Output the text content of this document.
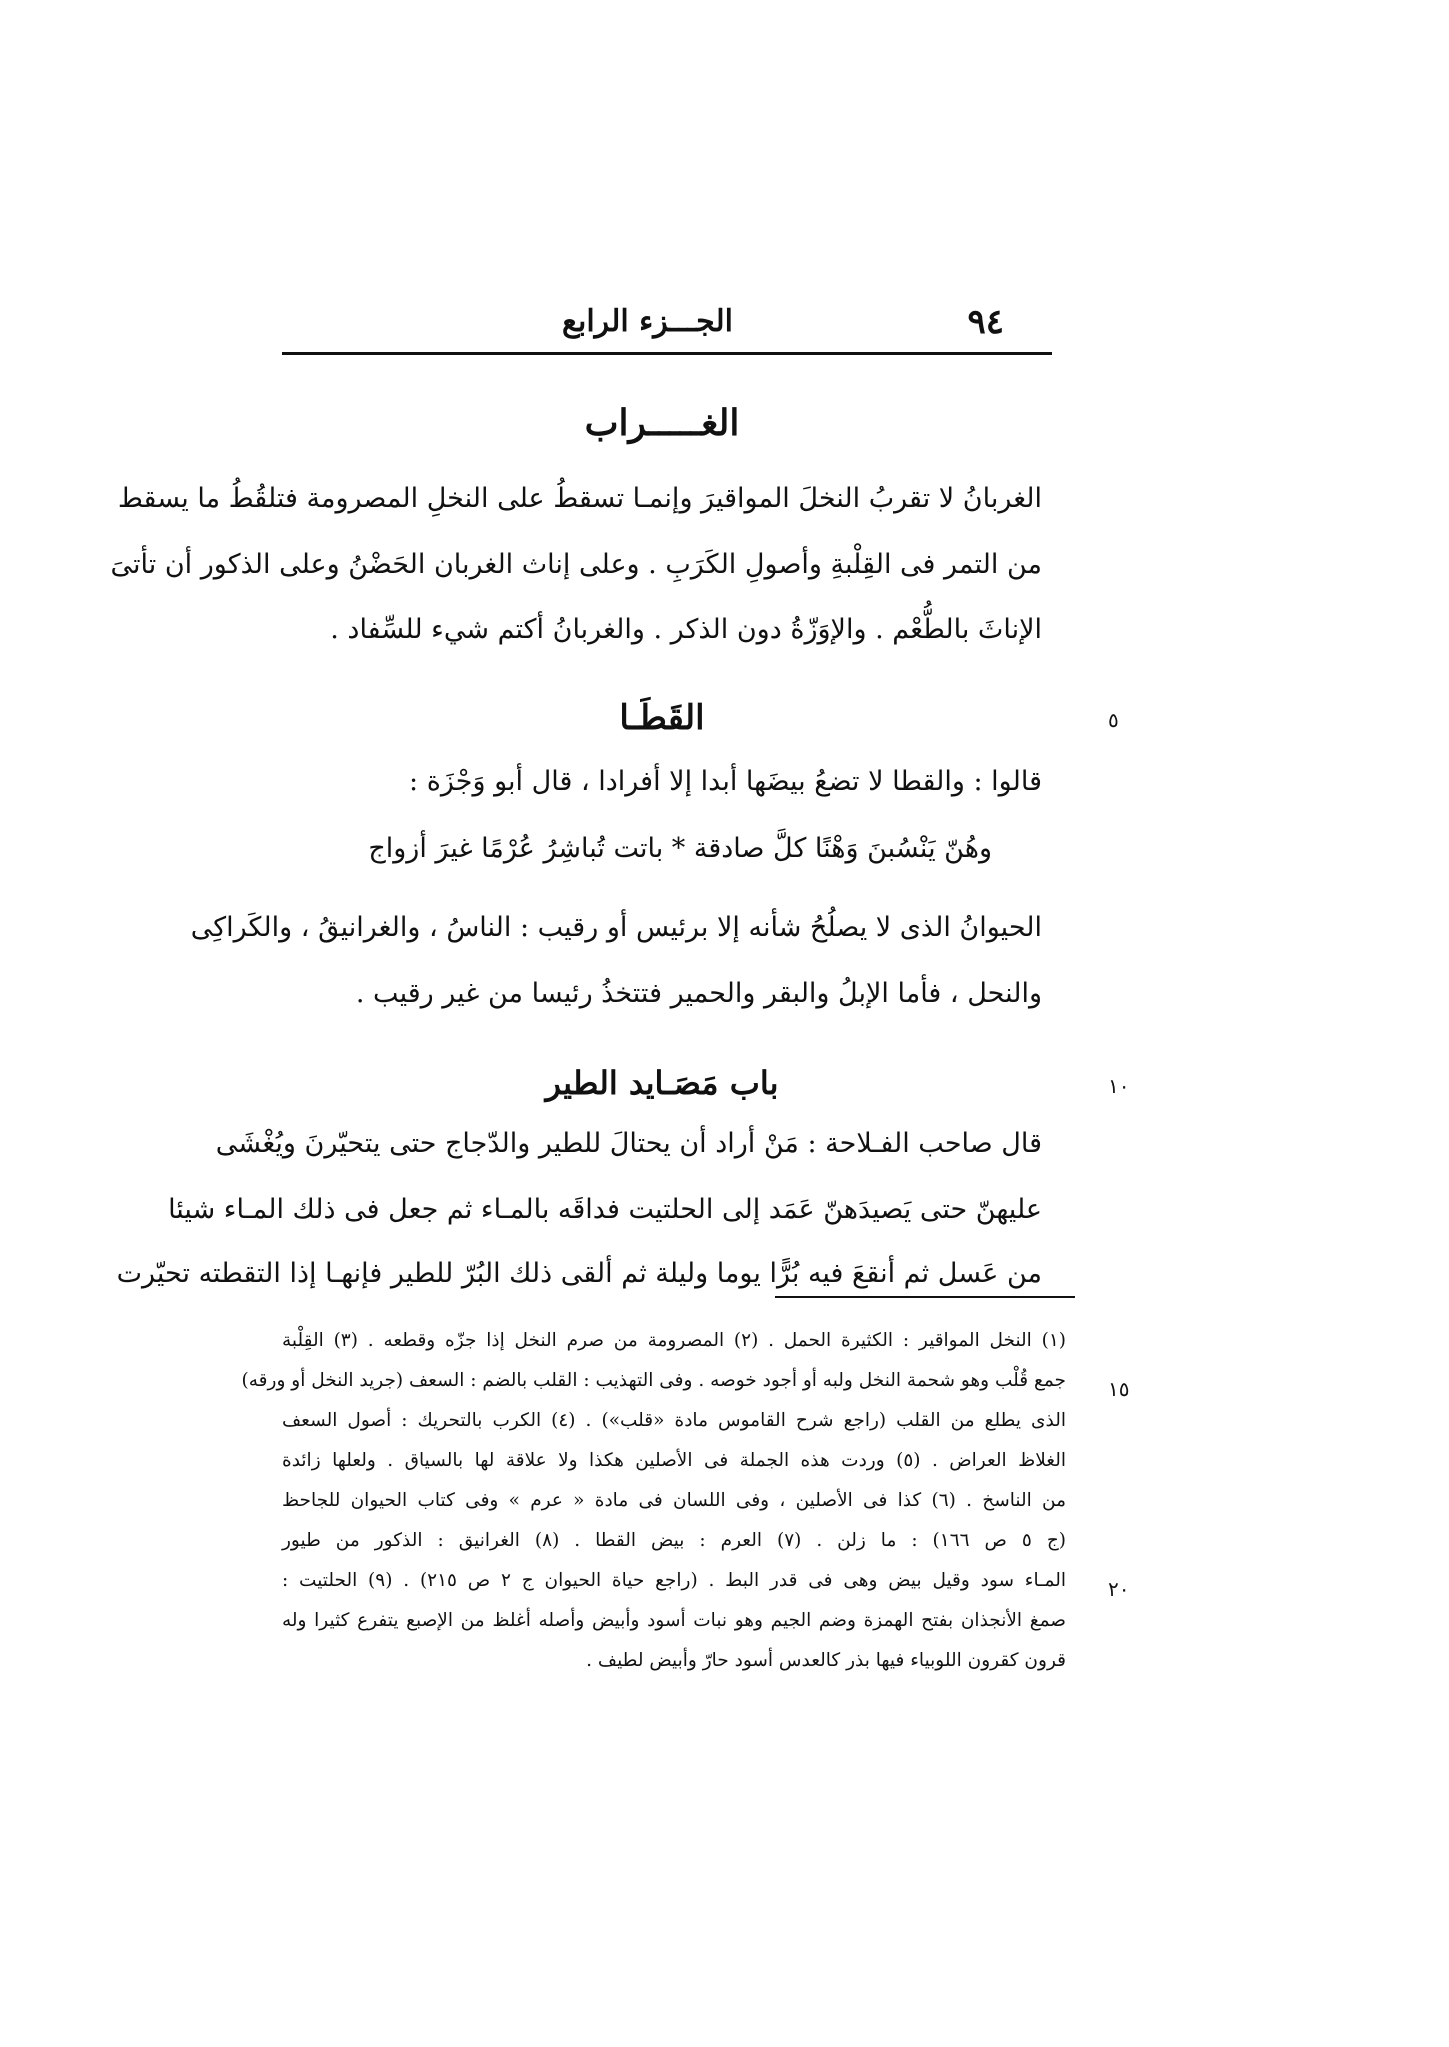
الجـــزء الرابع	٩٤
الغـــــراب
الغربانُ لا تقربُ النخلَ المواقيرَ وإنمـا تسقطُ على النخلِ المصرومة فتلقُطُ ما يسقط
من التمر فى القِلْبةِ وأصولِ الكَرَبِ . وعلى إناث الغربان الحَضْنُ وعلى الذكور أن تأتىَ
الإناثَ بالطُّعْم . والإوَزّةُ دون الذكر . والغربانُ أكتم شيء للسِّفاد .
٥
القَطَـا
قالوا : والقطا لا تضعُ بيضَها أبدا إلا أفرادا ، قال أبو وَجْزَة :
وهُنّ يَنْسُبنَ وَهْنًا كلَّ صادقة * باتت تُباشِرُ عُرْمًا غيرَ أزواج
الحيوانُ الذى لا يصلُحُ شأنه إلا برئيس أو رقيب : الناسُ ، والغرانيقُ ، والكَراكِى
والنحل ، فأما الإبلُ والبقر والحمير فتتخذُ رئيسا من غير رقيب .
١٠
باب مَصَـايد الطير
قال صاحب الفـلاحة : مَنْ أراد أن يحتالَ للطير والدّجاج حتى يتحيّرنَ ويُغْشَى
عليهنّ حتى يَصيدَهنّ عَمَد إلى الحلتيت فداقَه بالمـاء ثم جعل فى ذلك المـاء شيئا
من عَسل ثم أنقعَ فيه بُرًّا يوما وليلة ثم ألقى ذلك البُرّ للطير فإنهـا إذا التقطته تحيّرت
(١) النخل المواقير : الكثيرة الحمل . (٢) المصرومة من صرم النخل إذا جزّه وقطعه . (٣) القِلْبة
جمع قُلْب وهو شحمة النخل ولبه أو أجود خوصه . وفى التهذيب : القلب بالضم : السعف (جريد النخل أو ورقه)
الذى يطلع من القلب (راجع شرح القاموس مادة «قلب») . (٤) الكرب بالتحريك : أصول السعف
الغلاظ العراض . (٥) وردت هذه الجملة فى الأصلين هكذا ولا علاقة لها بالسياق . ولعلها زائدة
من الناسخ . (٦) كذا فى الأصلين ، وفى اللسان فى مادة « عرم » وفى كتاب الحيوان للجاحظ
(ج ٥ ص ١٦٦) : ما زلن . (٧) العرم : بيض القطا . (٨) الغرانيق : الذكور من طيور
المـاء سود وقيل بيض وهى فى قدر البط . (راجع حياة الحيوان ج ٢ ص ٢١٥) . (٩) الحلتيت :
صمغ الأنجذان بفتح الهمزة وضم الجيم وهو نبات أسود وأبيض وأصله أغلظ من الإصبع يتفرع كثيرا وله
قرون كقرون اللوبياء فيها بذر كالعدس أسود حارّ وأبيض لطيف .
١٥
٢٠
